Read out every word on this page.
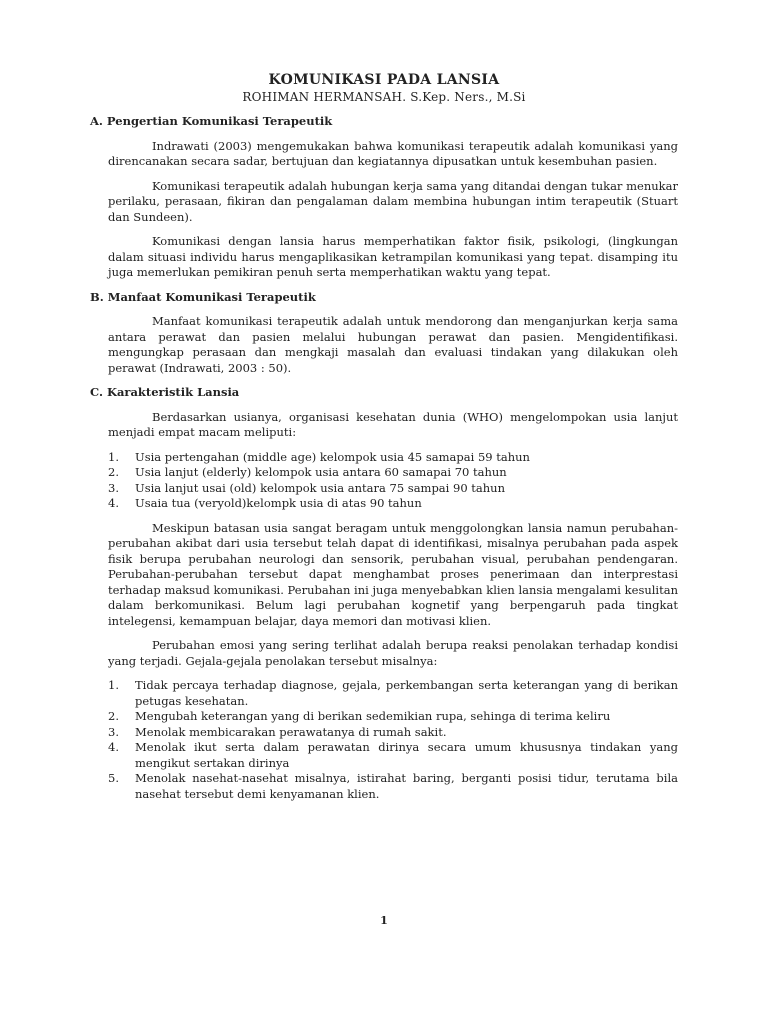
KOMUNIKASI PADA LANSIA
ROHIMAN HERMANSAH. S.Kep. Ners., M.Si
A. Pengertian Komunikasi Terapeutik
Indrawati (2003) mengemukakan bahwa komunikasi terapeutik adalah komunikasi yang direncanakan secara sadar, bertujuan dan kegiatannya dipusatkan untuk kesembuhan pasien.
Komunikasi terapeutik adalah hubungan kerja sama yang ditandai dengan tukar menukar perilaku, perasaan, fikiran dan pengalaman dalam membina hubungan intim terapeutik (Stuart dan Sundeen).
Komunikasi dengan lansia harus memperhatikan faktor fisik, psikologi, (lingkungan dalam situasi individu harus mengaplikasikan ketrampilan komunikasi yang tepat. disamping itu juga memerlukan pemikiran penuh serta memperhatikan waktu yang tepat.
B. Manfaat Komunikasi Terapeutik
Manfaat komunikasi terapeutik adalah untuk mendorong dan menganjurkan kerja sama antara perawat dan pasien melalui hubungan perawat dan pasien. Mengidentifikasi. mengungkap perasaan dan mengkaji masalah dan evaluasi tindakan yang dilakukan oleh perawat (Indrawati, 2003 : 50).
C. Karakteristik Lansia
Berdasarkan usianya, organisasi kesehatan dunia (WHO) mengelompokan usia lanjut menjadi empat macam meliputi:
1.	Usia pertengahan (middle age) kelompok usia 45 samapai 59 tahun
2.	Usia lanjut (elderly) kelompok usia antara 60 samapai 70 tahun
3.	Usia lanjut usai (old) kelompok usia antara 75 sampai 90 tahun
4.	Usaia tua (veryold)kelompk usia di atas 90 tahun
Meskipun batasan usia sangat beragam untuk menggolongkan lansia namun perubahan-perubahan akibat dari usia tersebut telah dapat di identifikasi, misalnya perubahan pada aspek fisik berupa perubahan neurologi dan sensorik, perubahan visual, perubahan pendengaran. Perubahan-perubahan tersebut dapat menghambat proses penerimaan dan interprestasi terhadap maksud komunikasi. Perubahan ini juga menyebabkan klien lansia mengalami kesulitan dalam berkomunikasi. Belum lagi perubahan kognetif yang berpengaruh pada tingkat intelegensi, kemampuan belajar, daya memori dan motivasi klien.
Perubahan emosi yang sering terlihat adalah berupa reaksi penolakan terhadap kondisi yang terjadi. Gejala-gejala penolakan tersebut misalnya:
1.	Tidak percaya terhadap diagnose, gejala, perkembangan serta keterangan yang di berikan petugas kesehatan.
2.	Mengubah keterangan yang di berikan sedemikian rupa, sehinga di terima keliru
3.	Menolak membicarakan perawatanya di rumah sakit.
4.	Menolak ikut serta dalam perawatan dirinya secara umum khususnya tindakan yang mengikut sertakan dirinya
5.	Menolak nasehat-nasehat misalnya, istirahat baring, berganti posisi tidur, terutama bila nasehat tersebut demi kenyamanan klien.
1
